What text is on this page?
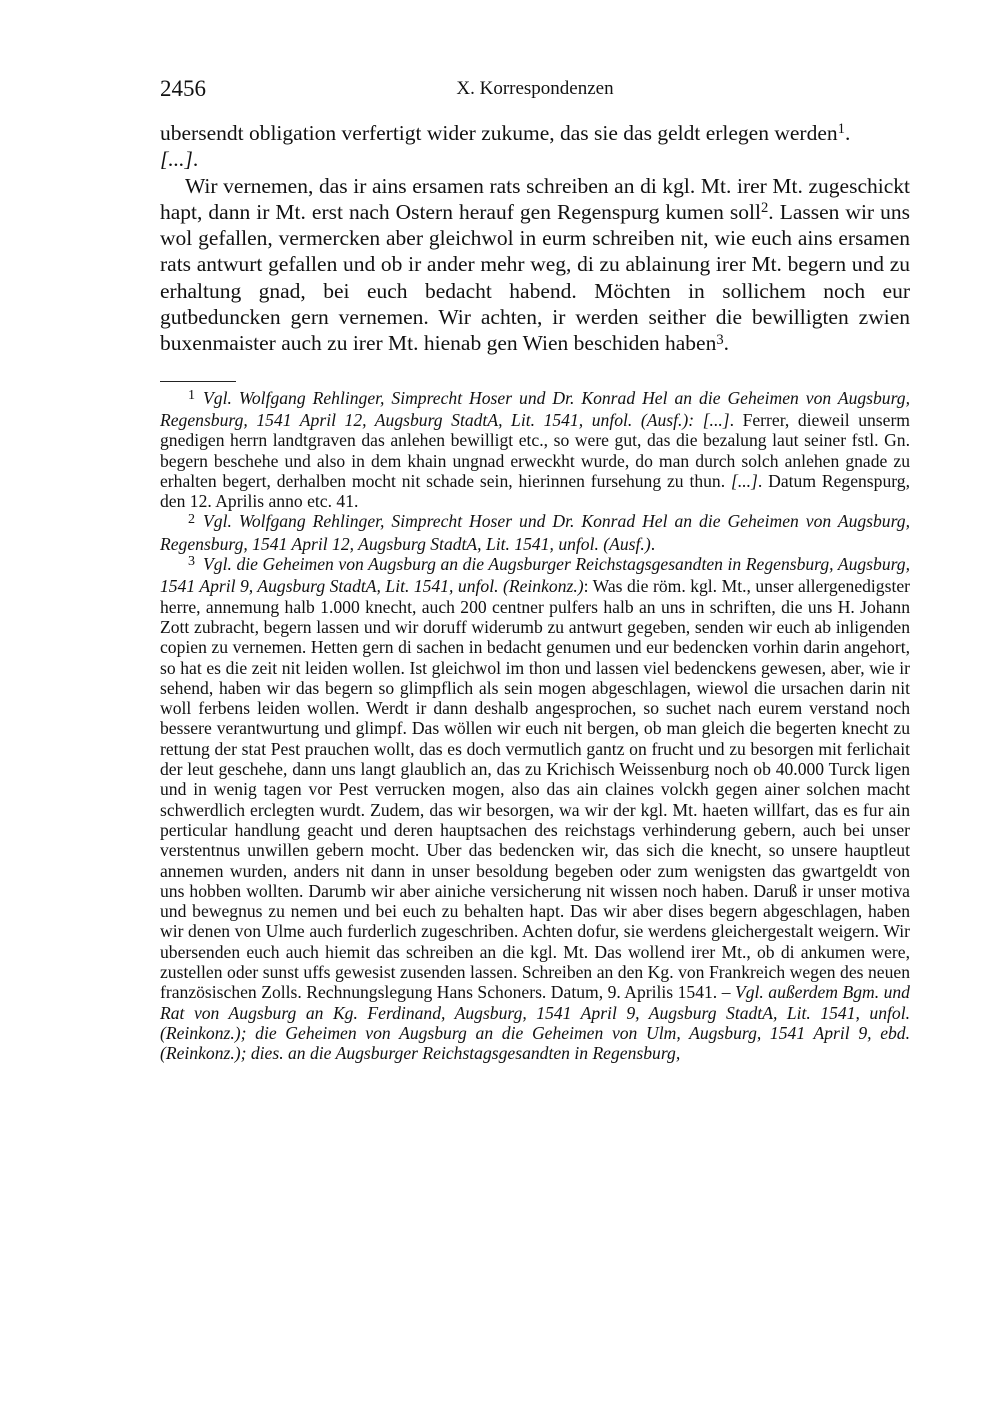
2456	X. Korrespondenzen

ubersendt obligation verfertigt wider zukume, das sie das geldt erlegen werden$^1$.
[...].

Wir vernemen, das ir ains ersamen rats schreiben an di kgl. Mt. irer Mt. zugeschickt hapt, dann ir Mt. erst nach Ostern herauf gen Regenspurg kumen soll$^2$. Lassen wir uns wol gefallen, vermercken aber gleichwol in eurm schreiben nit, wie euch ains ersamen rats antwurt gefallen und ob ir ander mehr weg, di zu ablainung irer Mt. begern und zu erhaltung gnad, bei euch bedacht habend. Möchten in sollichem noch eur gutbeduncken gern vernemen. Wir achten, ir werden seither die bewilligten zwien buxenmaister auch zu irer Mt. hienab gen Wien beschiden haben$^3$.

$^1$ Vgl. Wolfgang Rehlinger, Simprecht Hoser und Dr. Konrad Hel an die Geheimen von Augsburg, Regensburg, 1541 April 12, Augsburg StadtA, Lit. 1541, unfol. (Ausf.): [...]. Ferrer, dieweil unserm gnedigen herrn landtgraven das anlehen bewilligt etc., so were gut, das die bezalung laut seiner fstl. Gn. begern beschehe und also in dem khain ungnad erweckht wurde, do man durch solch anlehen gnade zu erhalten begert, derhalben mocht nit schade sein, hierinnen fursehung zu thun. [...]. Datum Regenspurg, den 12. Aprilis anno etc. 41.

$^2$ Vgl. Wolfgang Rehlinger, Simprecht Hoser und Dr. Konrad Hel an die Geheimen von Augsburg, Regensburg, 1541 April 12, Augsburg StadtA, Lit. 1541, unfol. (Ausf.).

$^3$ Vgl. die Geheimen von Augsburg an die Augsburger Reichstagsgesandten in Regensburg, Augsburg, 1541 April 9, Augsburg StadtA, Lit. 1541, unfol. (Reinkonz.): Was die röm. kgl. Mt., unser allergenedigster herre, annemung halb 1.000 knecht, auch 200 centner pulfers halb an uns in schriften, die uns H. Johann Zott zubracht, begern lassen und wir doruff widerumb zu antwurt gegeben, senden wir euch ab inligenden copien zu vernemen. Hetten gern di sachen in bedacht genumen und eur bedencken vorhin darin angehort, so hat es die zeit nit leiden wollen. Ist gleichwol im thon und lassen viel bedenckens gewesen, aber, wie ir sehend, haben wir das begern so glimpflich als sein mogen abgeschlagen, wiewol die ursachen darin nit woll ferbens leiden wollen. Werdt ir dann deshalb angesprochen, so suchet nach eurem verstand noch bessere verantwurtung und glimpf. Das wöllen wir euch nit bergen, ob man gleich die begerten knecht zu rettung der stat Pest prauchen wollt, das es doch vermutlich gantz on frucht und zu besorgen mit ferlichait der leut geschehe, dann uns langt glaublich an, das zu Krichisch Weissenburg noch ob 40.000 Turck ligen und in wenig tagen vor Pest verrucken mogen, also das ain claines volckh gegen ainer solchen macht schwerdlich erclegten wurdt. Zudem, das wir besorgen, wa wir der kgl. Mt. haeten willfart, das es fur ain perticular handlung geacht und deren hauptsachen des reichstags verhinderung gebern, auch bei unser verstentnus unwillen gebern mocht. Uber das bedencken wir, das sich die knecht, so unsere hauptleut annemen wurden, anders nit dann in unser besoldung begeben oder zum wenigsten das gwartgeldt von uns hobben wollten. Darumb wir aber ainiche versicherung nit wissen noch haben. Daruß ir unser motiva und bewegnus zu nemen und bei euch zu behalten hapt. Das wir aber dises begern abgeschlagen, haben wir denen von Ulme auch furderlich zugeschriben. Achten dofur, sie werdens gleichergestalt weigern. Wir ubersenden euch auch hiemit das schreiben an die kgl. Mt. Das wollend irer Mt., ob di ankumen were, zustellen oder sunst uffs gewesist zusenden lassen. Schreiben an den Kg. von Frankreich wegen des neuen französischen Zolls. Rechnungslegung Hans Schoners. Datum, 9. Aprilis 1541. – Vgl. außerdem Bgm. und Rat von Augsburg an Kg. Ferdinand, Augsburg, 1541 April 9, Augsburg StadtA, Lit. 1541, unfol. (Reinkonz.); die Geheimen von Augsburg an die Geheimen von Ulm, Augsburg, 1541 April 9, ebd. (Reinkonz.); dies. an die Augsburger Reichstagsgesandten in Regensburg,
